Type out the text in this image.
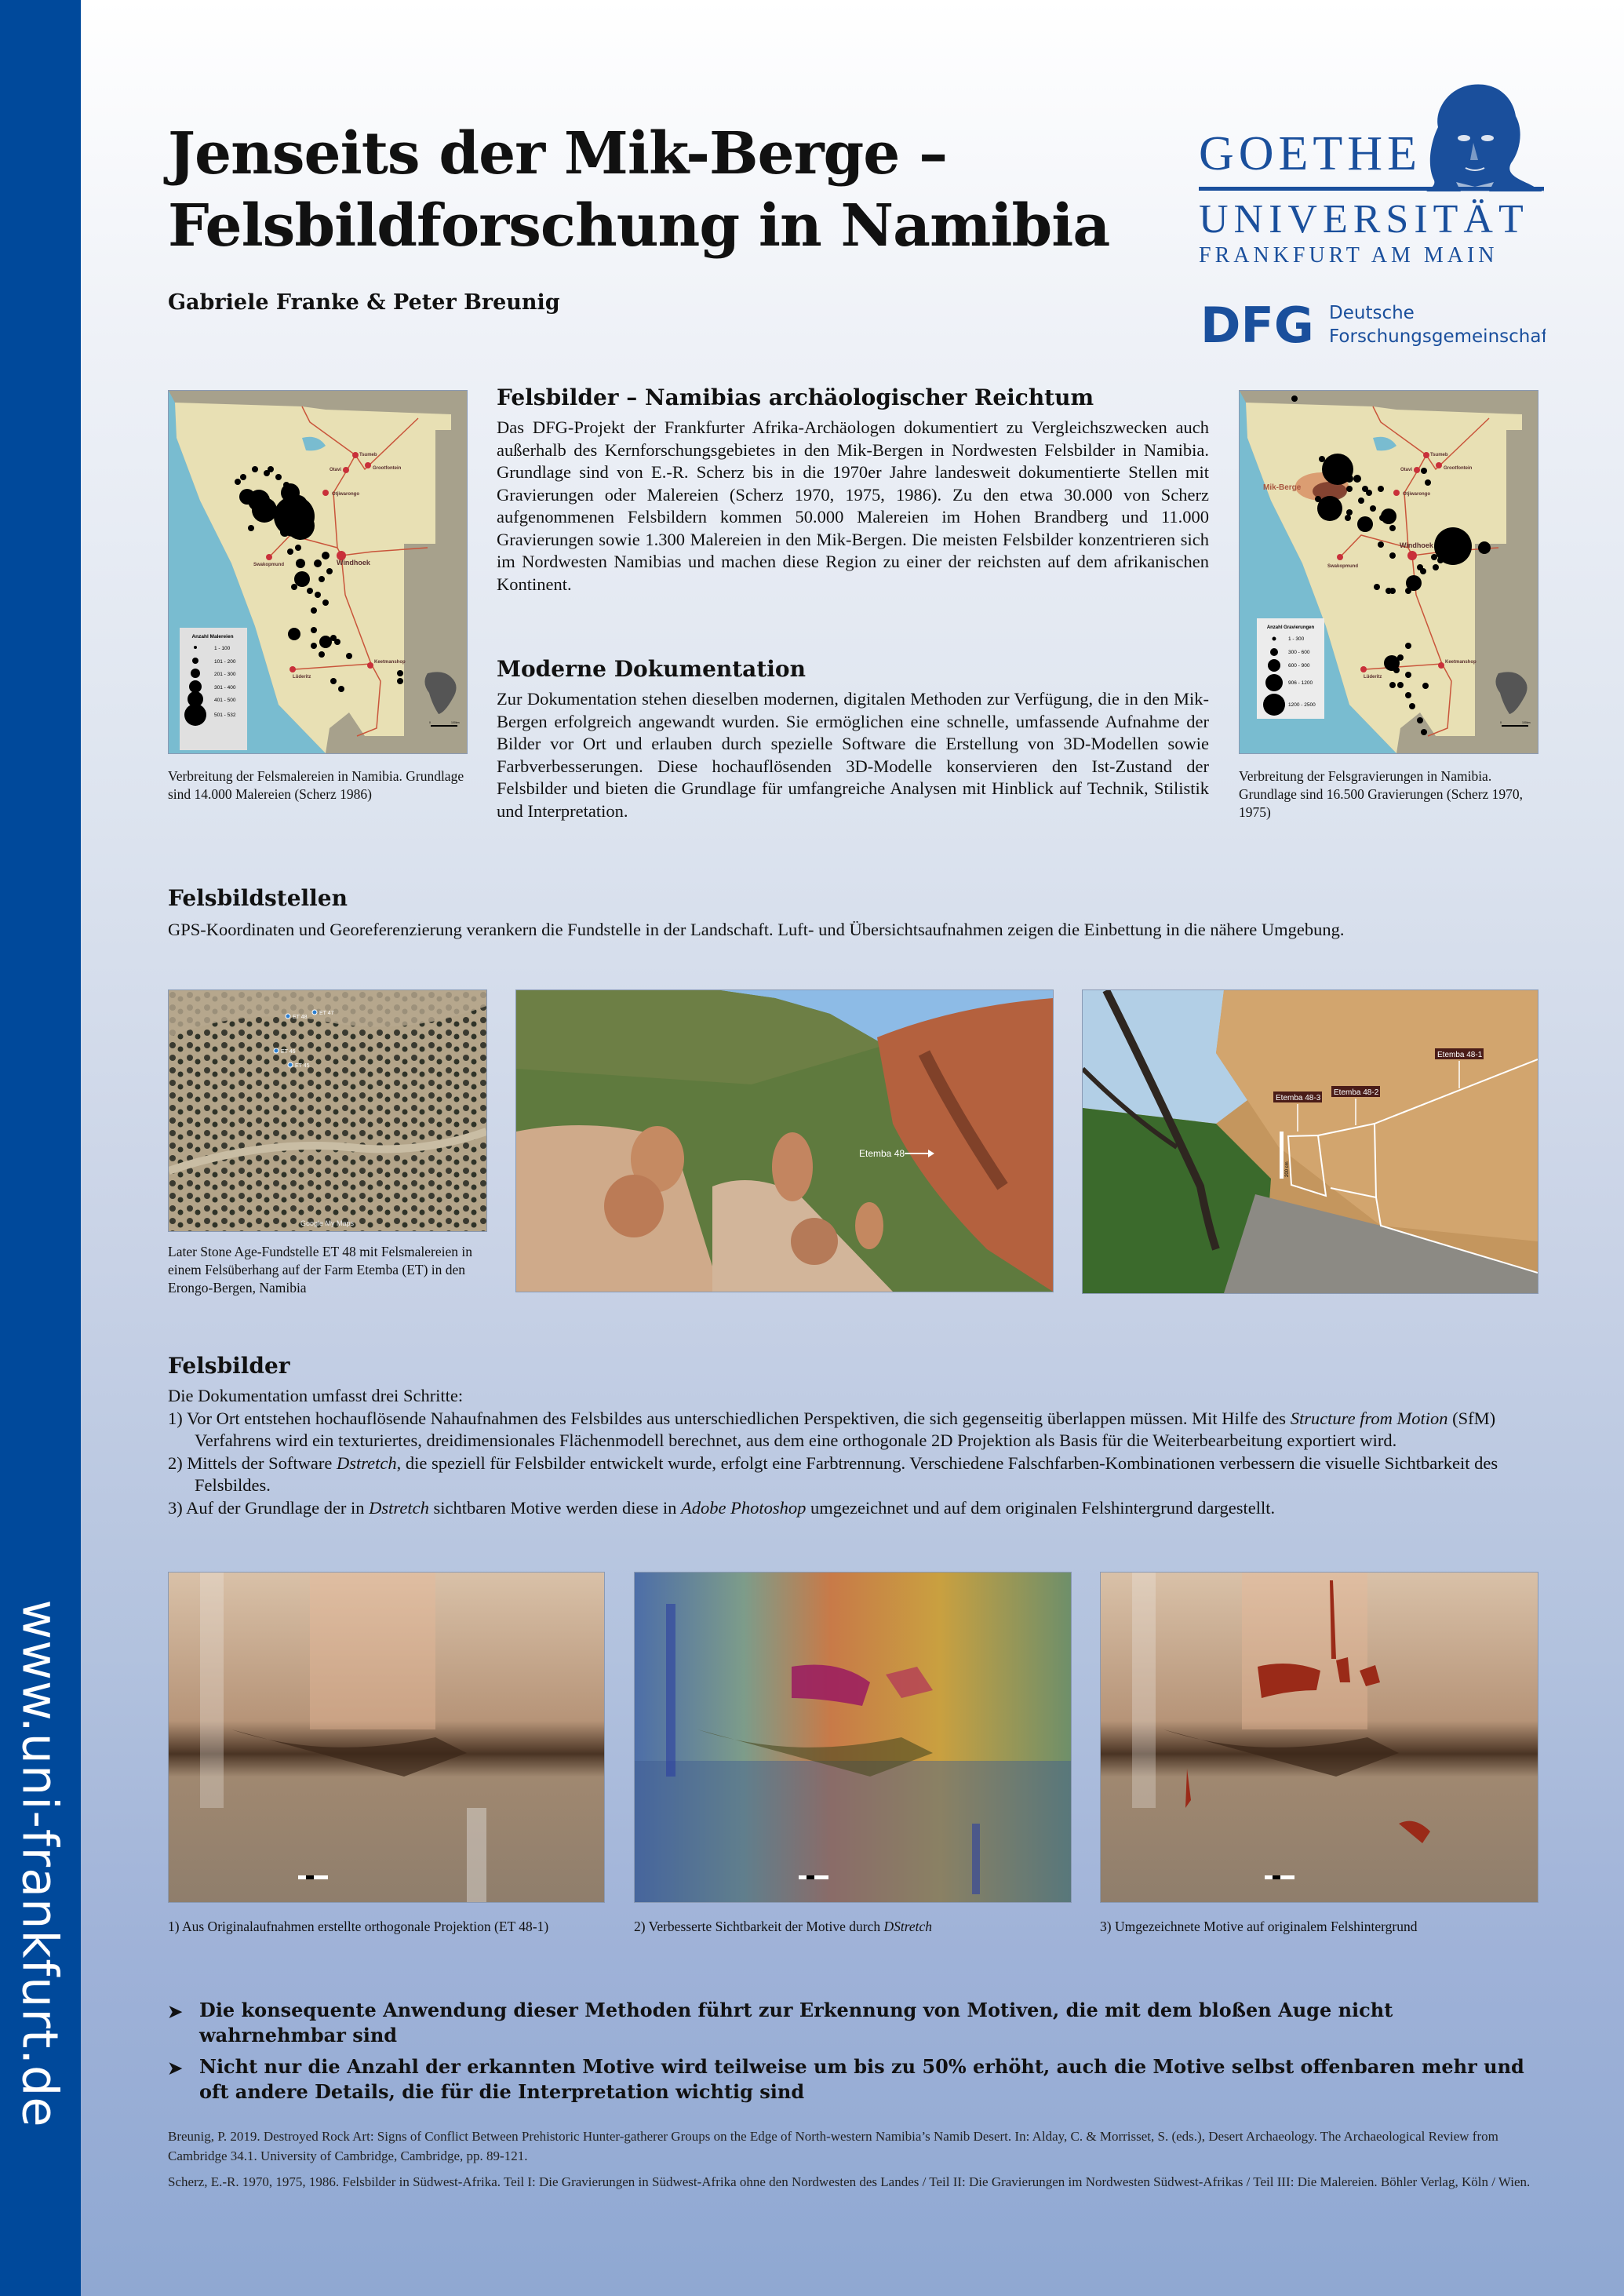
www.uni-frankfurt.de
Jenseits der Mik-Berge –
Felsbildforschung in Namibia
Gabriele Franke & Peter Breunig
GOETHE
UNIVERSITÄT
FRANKFURT AM MAIN
DFG Deutsche
Forschungsgemeinschaft
Anzahl Malereien
1 - 100
101 - 200
201 - 300
301 - 400
401 - 500
501 - 532
Tsumeb
Otavi	Grootfontein
Otjiwarongo
Swakopmund	Windhoek
Keetmanshop
Lüderitz
0	100km
Verbreitung der Felsmalereien in Namibia. Grundlage sind 14.000 Malereien (Scherz 1986)
Mik-Berge
Anzahl Gravierungen
1 - 300
300 - 600
600 - 900
906 - 1200
1200 - 2500
Tsumeb
Otavi	Grootfontein
Otjiwarongo
Swakopmund
Windhoek
Keetmanshop
Lüderitz
0	100km
Verbreitung der Felsgravierungen in Namibia. Grundlage sind 16.500 Gravierungen (Scherz 1970, 1975)
Felsbilder – Namibias archäologischer Reichtum
Das DFG-Projekt der Frankfurter Afrika-Archäologen dokumentiert zu Vergleichszwecken auch außerhalb des Kernforschungsgebietes in den Mik-Bergen in Nordwesten Felsbilder in Namibia. Grundlage sind von E.-R. Scherz bis in die 1970er Jahre landesweit dokumentierte Stellen mit Gravierungen oder Malereien (Scherz 1970, 1975, 1986). Zu den etwa 30.000 von Scherz aufgenommenen Felsbildern kommen 50.000 Malereien im Hohen Brandberg und 11.000 Gravierungen sowie 1.300 Malereien in den Mik-Bergen. Die meisten Felsbilder konzentrieren sich im Nordwesten Namibias und machen diese Region zu einer der reichsten auf dem afrikanischen Kontinent.
Moderne Dokumentation
Zur Dokumentation stehen dieselben modernen, digitalen Methoden zur Verfügung, die in den Mik-Bergen erfolgreich angewandt wurden. Sie ermöglichen eine schnelle, umfassende Aufnahme der Bilder vor Ort und erlauben durch spezielle Software die Erstellung von 3D-Modellen sowie Farbverbesserungen. Diese hochauflösenden 3D-Modelle konservieren den Ist-Zustand der Felsbilder und bieten die Grundlage für umfangreiche Analysen mit Hinblick auf Technik, Stilistik und Interpretation.
Felsbildstellen
GPS-Koordinaten und Georeferenzierung verankern die Fundstelle in der Landschaft. Luft- und Übersichtsaufnahmen zeigen die Einbettung in die nähere Umgebung.
ET 48
ET 47
ET 46
ET 45
Google My Maps
Later Stone Age-Fundstelle ET 48 mit Felsmalereien in einem Felsüberhang auf der Farm Etemba (ET) in den Erongo-Bergen, Namibia
Etemba 48
Etemba 48-3
Etemba 48-2
Etemba 48-1
200 cm
Felsbilder
Die Dokumentation umfasst drei Schritte:
1) Vor Ort entstehen hochauflösende Nahaufnahmen des Felsbildes aus unterschiedlichen Perspektiven, die sich gegenseitig überlappen müssen. Mit Hilfe des Structure from Motion (SfM) Verfahrens wird ein texturiertes, dreidimensionales Flächenmodell berechnet, aus dem eine orthogonale 2D Projektion als Basis für die Weiterbearbeitung exportiert wird.
2) Mittels der Software Dstretch, die speziell für Felsbilder entwickelt wurde, erfolgt eine Farbtrennung. Verschiedene Falschfarben-Kombinationen verbessern die visuelle Sichtbarkeit des Felsbildes.
3) Auf der Grundlage der in Dstretch sichtbaren Motive werden diese in Adobe Photoshop umgezeichnet und auf dem originalen Felshintergrund dargestellt.
1) Aus Originalaufnahmen erstellte orthogonale Projektion (ET 48-1)	2) Verbesserte Sichtbarkeit der Motive durch DStretch	3) Umgezeichnete Motive auf originalem Felshintergrund
➤ Die konsequente Anwendung dieser Methoden führt zur Erkennung von Motiven, die mit dem bloßen Auge nicht wahrnehmbar sind
➤ Nicht nur die Anzahl der erkannten Motive wird teilweise um bis zu 50% erhöht, auch die Motive selbst offenbaren mehr und oft andere Details, die für die Interpretation wichtig sind
Breunig, P. 2019. Destroyed Rock Art: Signs of Conflict Between Prehistoric Hunter-gatherer Groups on the Edge of North-western Namibia’s Namib Desert. In: Alday, C. & Morrisset, S. (eds.), Desert Archaeology. The Archaeological Review from Cambridge 34.1. University of Cambridge, Cambridge, pp. 89-121.
Scherz, E.-R. 1970, 1975, 1986. Felsbilder in Südwest-Afrika. Teil I: Die Gravierungen in Südwest-Afrika ohne den Nordwesten des Landes / Teil II: Die Gravierungen im Nordwesten Südwest-Afrikas / Teil III: Die Malereien. Böhler Verlag, Köln / Wien.
